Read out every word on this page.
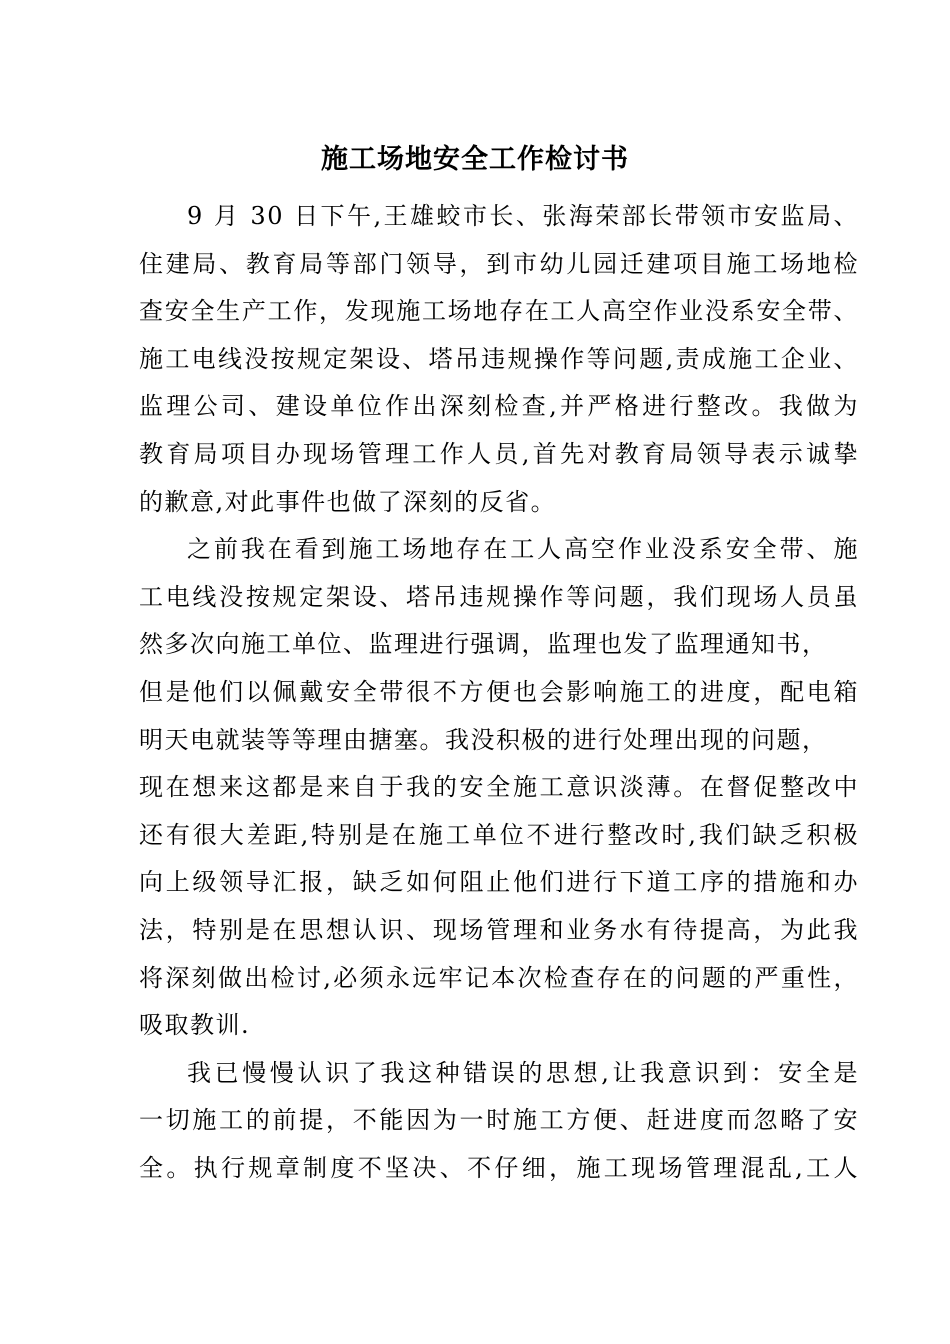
施工场地安全工作检讨书
9 月 30 日下午,王雄蛟市长、张海荣部长带领市安监局、
住建局、教育局等部门领导，到市幼儿园迁建项目施工场地检
查安全生产工作，发现施工场地存在工人高空作业没系安全带、
施工电线没按规定架设、塔吊违规操作等问题,责成施工企业、
监理公司、建设单位作出深刻检查,并严格进行整改。我做为
教育局项目办现场管理工作人员,首先对教育局领导表示诚挚
的歉意,对此事件也做了深刻的反省。
之前我在看到施工场地存在工人高空作业没系安全带、施
工电线没按规定架设、塔吊违规操作等问题，我们现场人员虽
然多次向施工单位、监理进行强调，监理也发了监理通知书，
但是他们以佩戴安全带很不方便也会影响施工的进度，配电箱
明天电就装等等理由搪塞。我没积极的进行处理出现的问题，
现在想来这都是来自于我的安全施工意识淡薄。在督促整改中
还有很大差距,特别是在施工单位不进行整改时,我们缺乏积极
向上级领导汇报，缺乏如何阻止他们进行下道工序的措施和办
法，特别是在思想认识、现场管理和业务水有待提高，为此我
将深刻做出检讨,必须永远牢记本次检查存在的问题的严重性，
吸取教训.
我已慢慢认识了我这种错误的思想,让我意识到：安全是
一切施工的前提，不能因为一时施工方便、赶进度而忽略了安
全。执行规章制度不坚决、不仔细，施工现场管理混乱,工人
